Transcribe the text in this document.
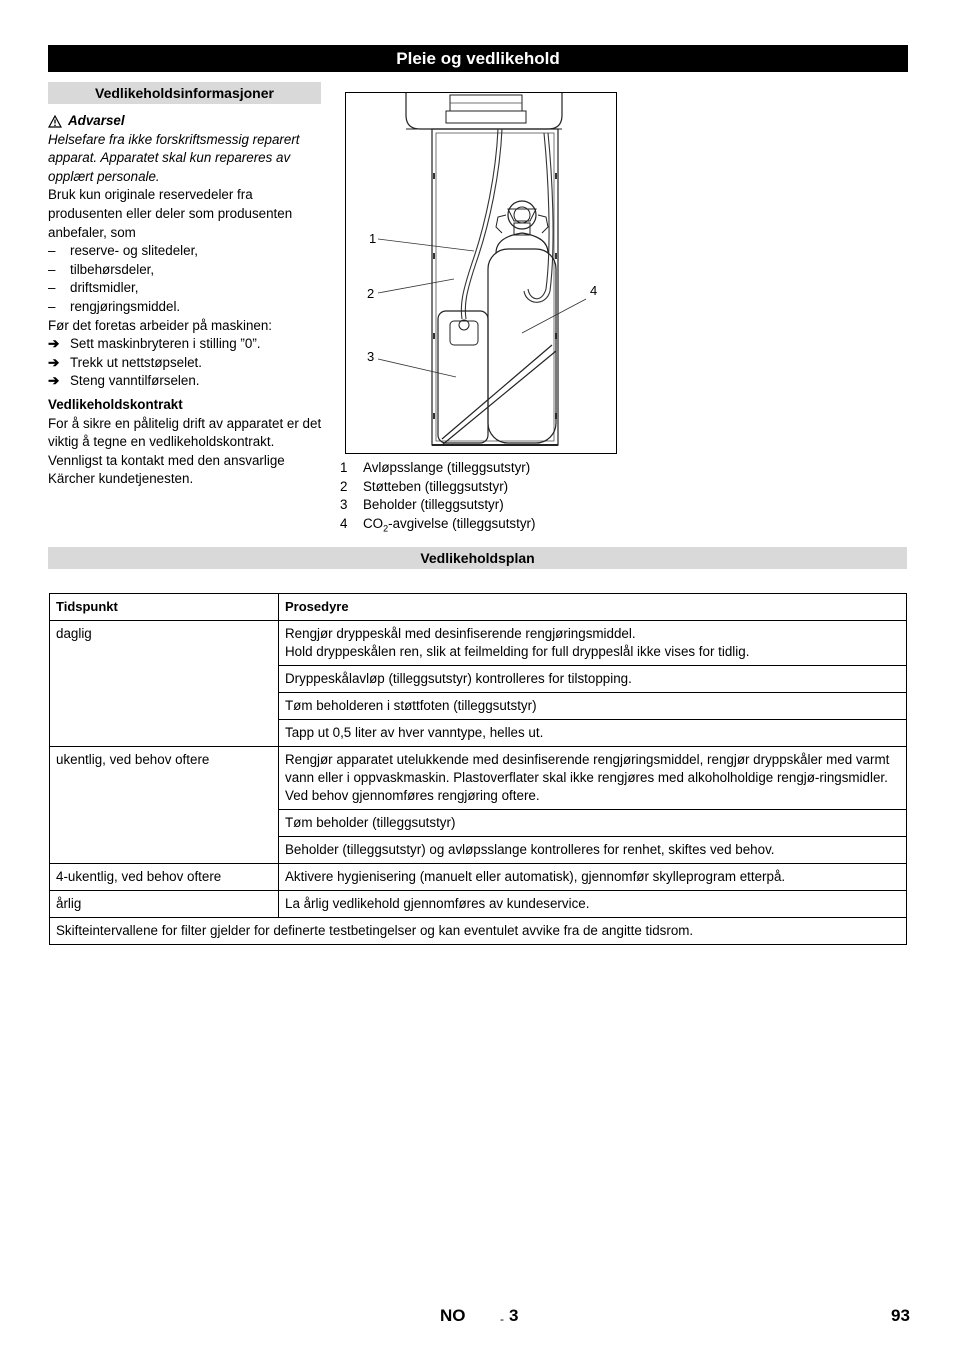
Pleie og vedlikehold
Vedlikeholdsinformasjoner
Advarsel
Helsefare fra ikke forskriftsmessig reparert apparat. Apparatet skal kun repareres av opplært personale.
Bruk kun originale reservedeler fra produsenten eller deler som produsenten anbefaler, som
–	reserve- og slitedeler,
–	tilbehørsdeler,
–	driftsmidler,
–	rengjøringsmiddel.
Før det foretas arbeider på maskinen:
➔ Sett maskinbryteren i stilling ”0”.
➔ Trekk ut nettstøpselet.
➔ Steng vanntilførselen.
Vedlikeholdskontrakt
For å sikre en pålitelig drift av apparatet er det viktig å tegne en vedlikeholdskontrakt. Vennligst ta kontakt med den ansvarlige Kärcher kundetjenesten.
1
2
3
4
1	Avløpsslange (tilleggsutstyr)
2	Støtteben (tilleggsutstyr)
3	Beholder (tilleggsutstyr)
4	$CO_2$-avgivelse (tilleggsutstyr)
Vedlikeholdsplan
Tidspunkt	Prosedyre
daglig	Rengjør dryppeskål med desinfiserende rengjøringsmiddel.
Hold dryppeskålen ren, slik at feilmelding for full dryppeslål ikke vises for tidlig.
	Dryppeskålavløp (tilleggsutstyr) kontrolleres for tilstopping.
	Tøm beholderen i støttfoten (tilleggsutstyr)
	Tapp ut 0,5 liter av hver vanntype, helles ut.
ukentlig, ved behov oftere	Rengjør apparatet utelukkende med desinfiserende rengjøringsmiddel, rengjør dryppskåler med varmt vann eller i oppvaskmaskin. Plastoverflater skal ikke rengjøres med alkoholholdige rengjø-ringsmidler. Ved behov gjennomføres rengjøring oftere.
	Tøm beholder (tilleggsutstyr)
	Beholder (tilleggsutstyr) og avløpsslange kontrolleres for renhet, skiftes ved behov.
4-ukentlig, ved behov oftere	Aktivere hygienisering (manuelt eller automatisk), gjennomfør skylleprogram etterpå.
årlig	La årlig vedlikehold gjennomføres av kundeservice.
Skifteintervallene for filter gjelder for definerte testbetingelser og kan eventulet avvike fra de angitte tidsrom.	
NO	- 3	93
